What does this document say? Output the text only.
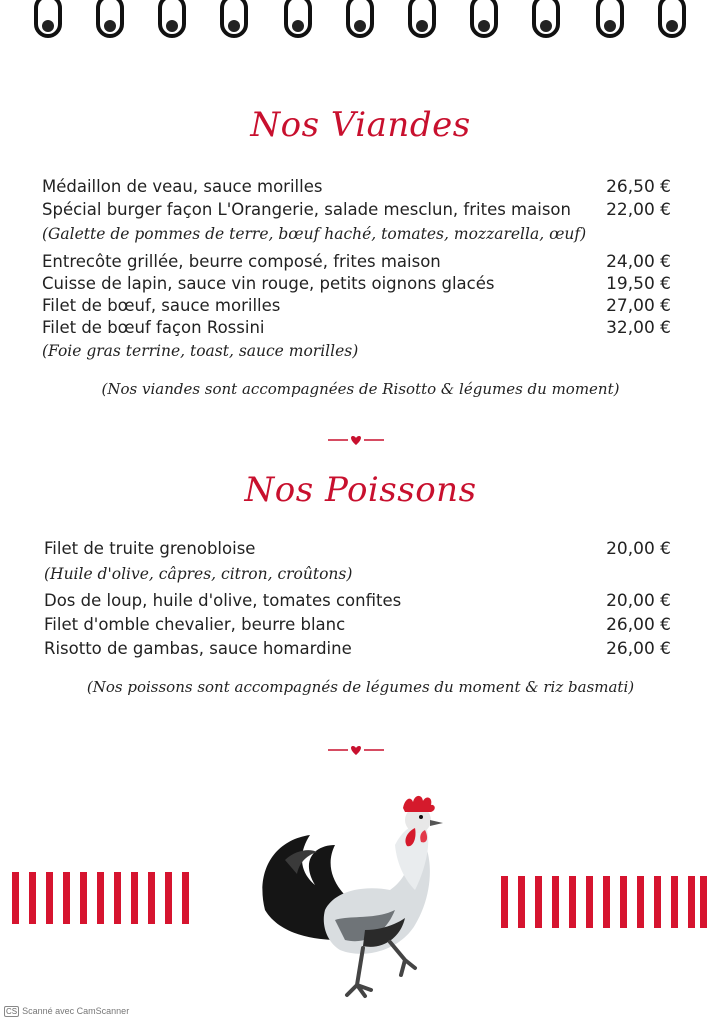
Nos Viandes
Médaillon de veau, sauce morilles	26,50 €
Spécial burger façon L'Orangerie, salade mesclun, frites maison 22,00 €
(Galette de pommes de terre, bœuf haché, tomates, mozzarella, œuf)
Entrecôte grillée, beurre composé, frites maison	24,00 €
Cuisse de lapin, sauce vin rouge, petits oignons glacés	19,50 €
Filet de bœuf, sauce morilles	27,00 €
Filet de bœuf façon Rossini	32,00 €
(Foie gras terrine, toast, sauce morilles)
(Nos viandes sont accompagnées de Risotto & légumes du moment)
Nos Poissons
Filet de truite grenobloise	20,00 €
(Huile d'olive, câpres, citron, croûtons)
Dos de loup, huile d'olive, tomates confites	20,00 €
Filet d'omble chevalier, beurre blanc	26,00 €
Risotto de gambas, sauce homardine	26,00 €
(Nos poissons sont accompagnés de légumes du moment & riz basmati)
CS Scanné avec CamScanner
